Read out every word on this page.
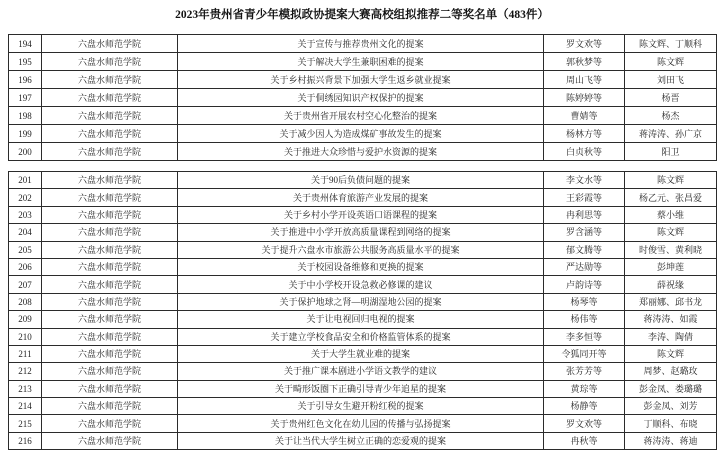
2023年贵州省青少年模拟政协提案大赛高校组拟推荐二等奖名单（483件）
194	六盘水师范学院	关于宣传与推荐贵州文化的提案	罗文欢等	陈文辉、丁顺科
195	六盘水师范学院	关于解决大学生兼职困难的提案	郭秋梦等	陈文辉
196	六盘水师范学院	关于乡村振兴背景下加强大学生返乡就业提案	周山飞等	刘田飞
197	六盘水师范学院	关于侗绣园知识产权保护的提案	陈婷婷等	杨晋
198	六盘水师范学院	关于贵州省开展农村空心化整治的提案	曹婧等	杨杰
199	六盘水师范学院	关于减少因人为造成煤矿事故发生的提案	杨林方等	蒋涛涛、孙广京
200	六盘水师范学院	关于推进大众珍惜与爱护水资源的提案	白贞秋等	阳卫
201	六盘水师范学院	关于90后负债问题的提案	李文水等	陈文辉
202	六盘水师范学院	关于贵州体育旅游产业发展的提案	王彩霞等	杨乙元、张昌爱
203	六盘水师范学院	关于乡村小学开设英语口语课程的提案	冉利思等	蔡小维
204	六盘水师范学院	关于推进中小学开放高质量课程到网络的提案	罗含涵等	陈文辉
205	六盘水师范学院	关于提升六盘水市旅游公共服务高质量水平的提案	郁文腾等	时俊雪、黄利晓
206	六盘水师范学院	关于校园设备维修和更换的提案	严达勋等	彭坤莲
207	六盘水师范学院	关于中小学校开设急救必修课的建议	卢韵诗等	薛祝缘
208	六盘水师范学院	关于保护地球之肾—明湖湿地公园的提案	杨琴等	郑丽娜、邱书龙
209	六盘水师范学院	关于让电视回归电视的提案	杨伟等	蒋涛涛、如霞
210	六盘水师范学院	关于建立学校食品安全和价格监管体系的提案	李多恒等	李涛、陶倩
211	六盘水师范学院	关于大学生就业难的提案	令狐同开等	陈文辉
212	六盘水师范学院	关于推广课本剧进小学语文教学的建议	张芳芳等	周梦、赵璐玫
213	六盘水师范学院	关于畸形饭圈下正确引导青少年追星的提案	黄琮等	彭金凤、娄璐璐
214	六盘水师范学院	关于引导女生避开粉红税的提案	杨静等	彭金凤、刘芳
215	六盘水师范学院	关于贵州红色文化在幼儿园的传播与弘扬提案	罗文欢等	丁顺科、布晓
216	六盘水师范学院	关于让当代大学生树立正确的恋爱观的提案	冉秋等	蒋涛涛、蒋迪
